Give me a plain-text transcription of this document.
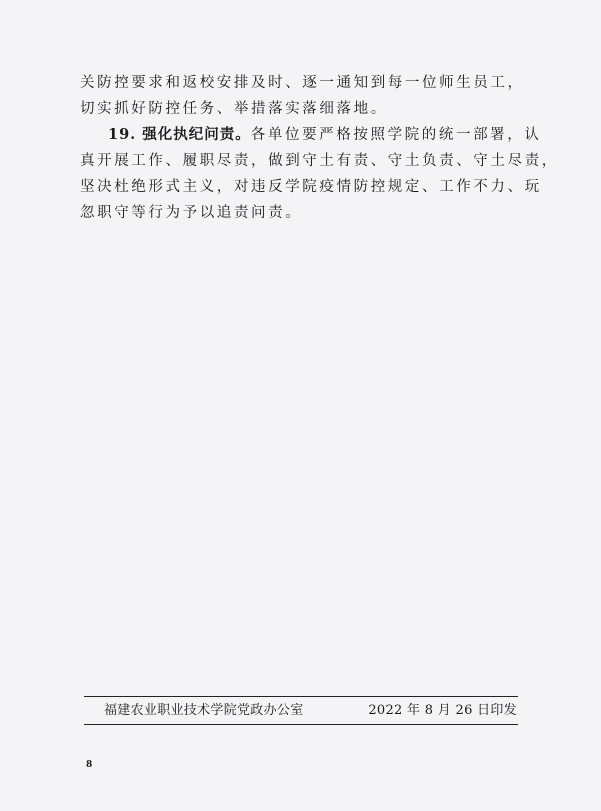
关防控要求和返校安排及时、逐一通知到每一位师生员工，
切实抓好防控任务、举措落实落细落地。
19. 强化执纪问责。各单位要严格按照学院的统一部署，认
真开展工作、履职尽责，做到守土有责、守土负责、守土尽责，
坚决杜绝形式主义，对违反学院疫情防控规定、工作不力、玩
忽职守等行为予以追责问责。
福建农业职业技术学院党政办公室	2022 年 8 月 26 日印发
8
